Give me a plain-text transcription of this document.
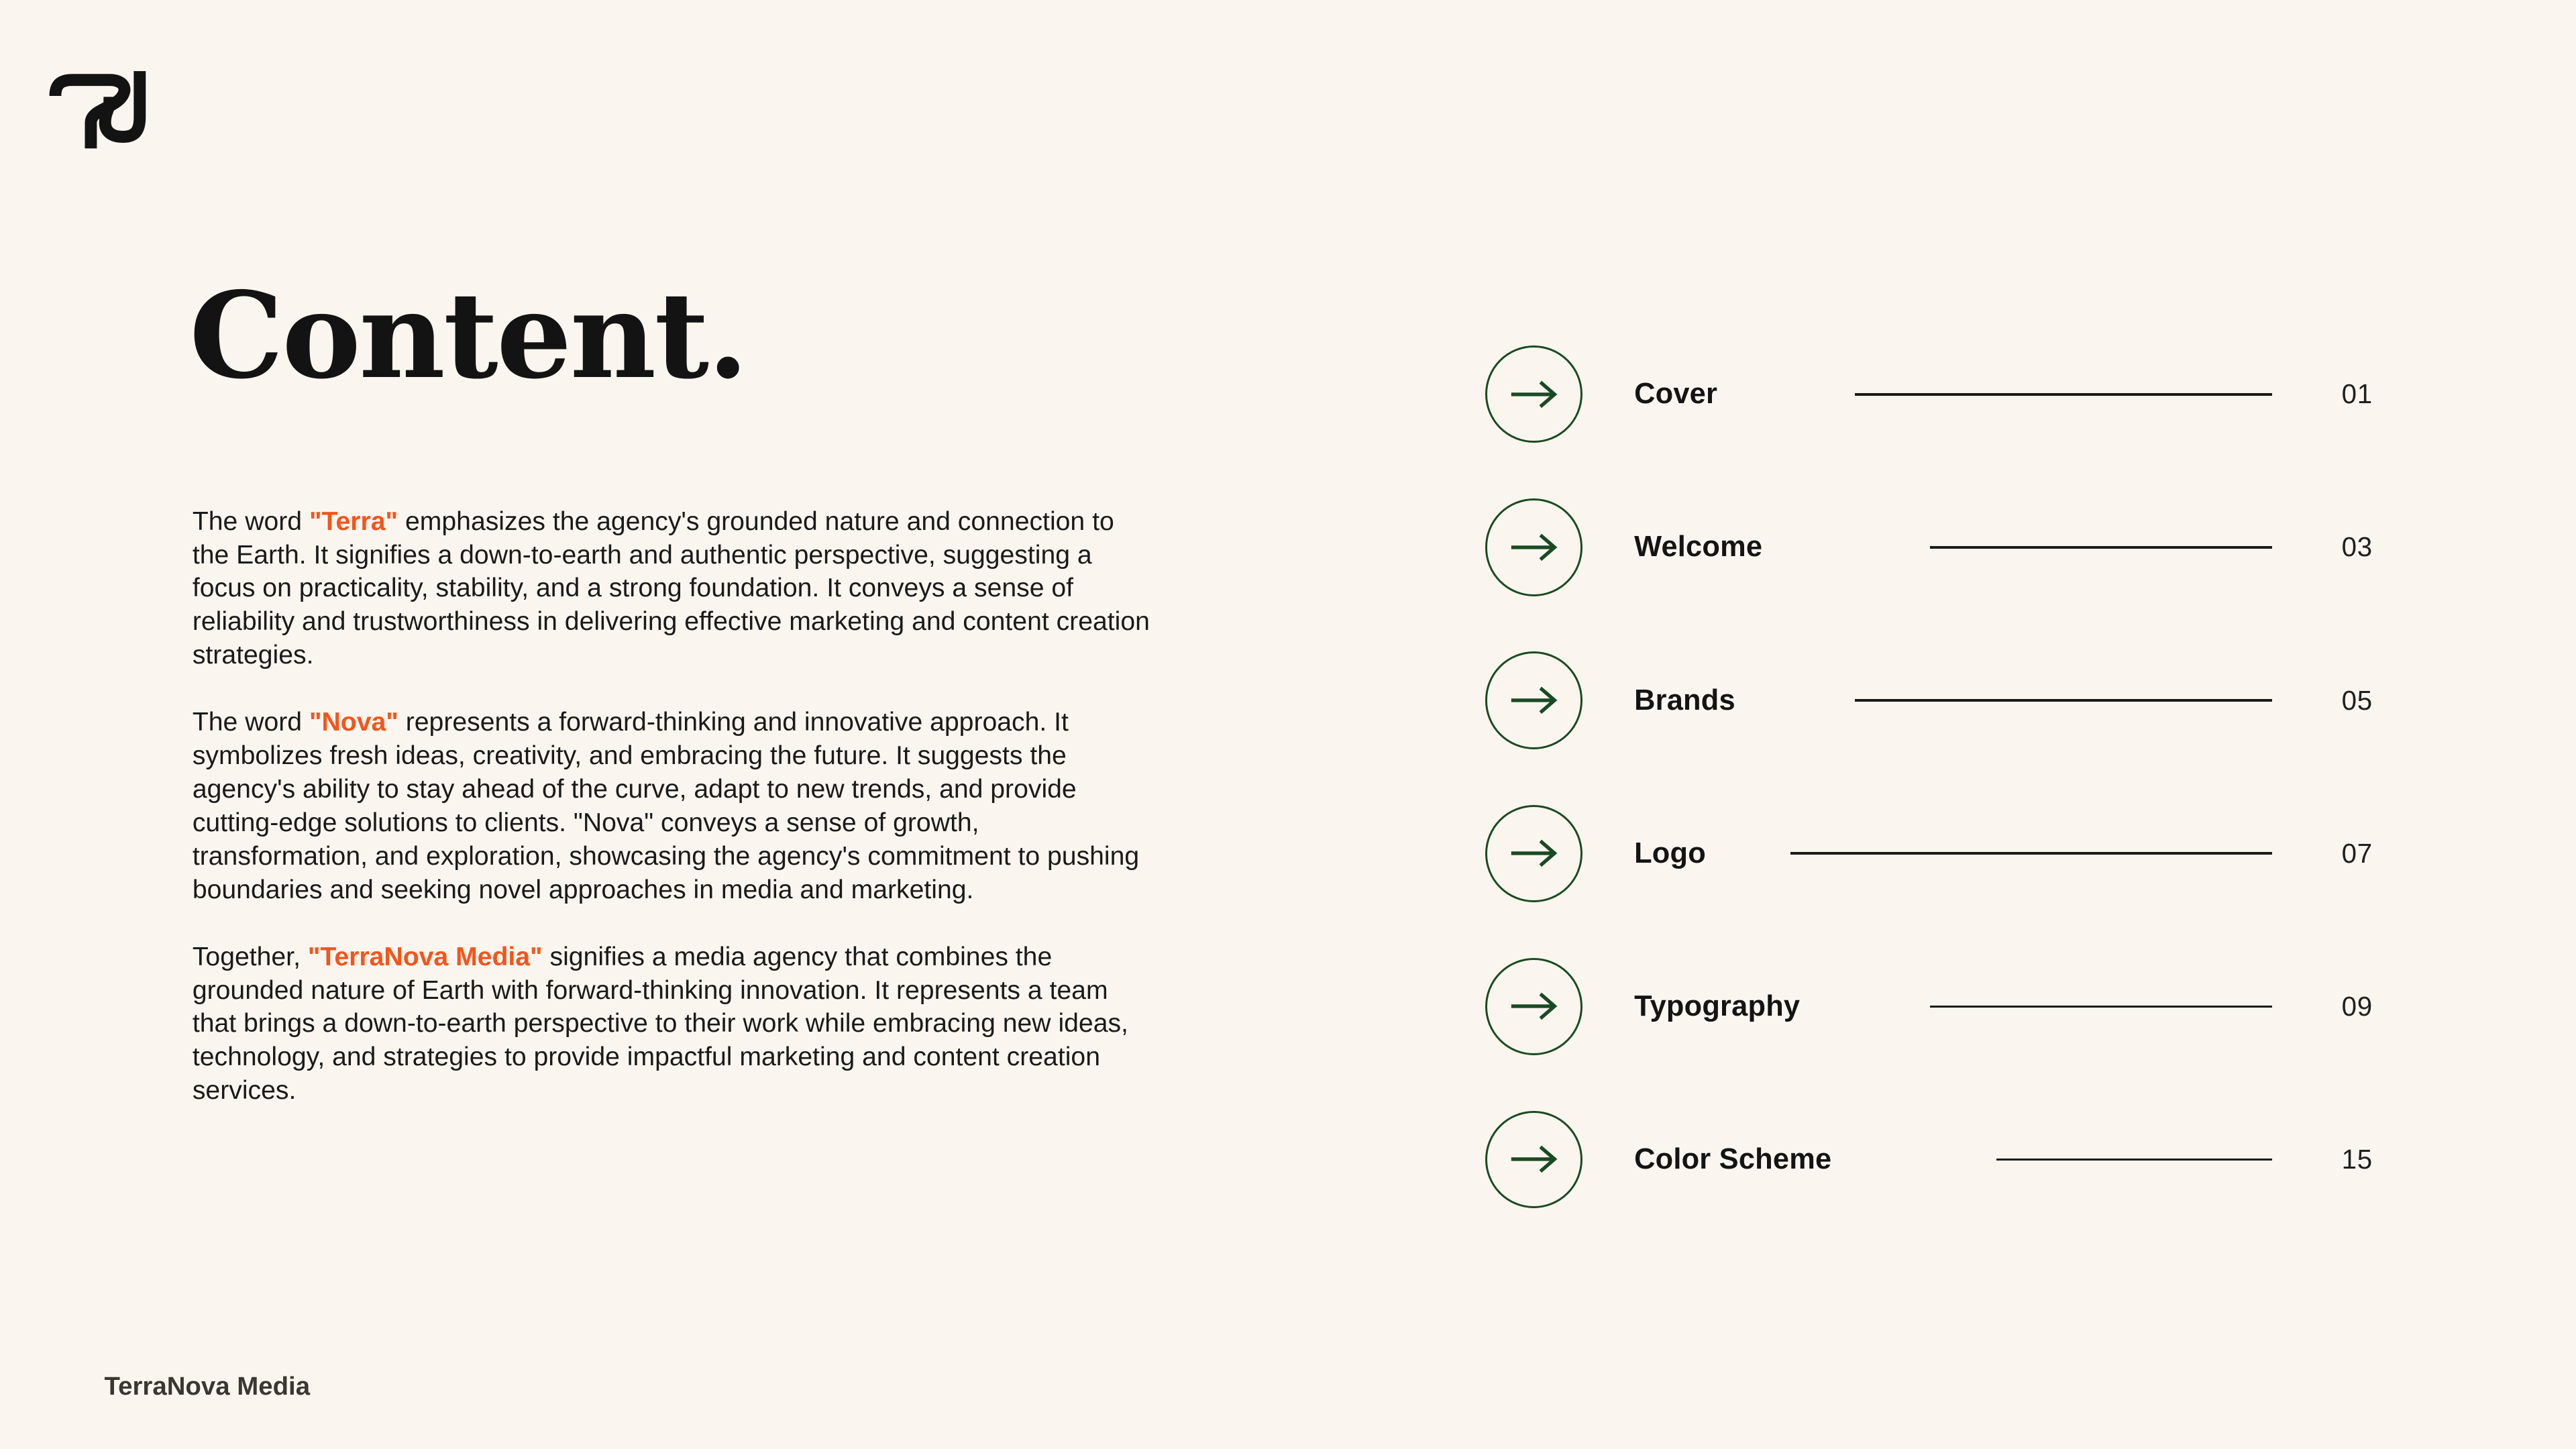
Content.

The word "Terra" emphasizes the agency's grounded nature and connection to the Earth. It signifies a down-to-earth and authentic perspective, suggesting a focus on practicality, stability, and a strong foundation. It conveys a sense of reliability and trustworthiness in delivering effective marketing and content creation strategies.

The word "Nova" represents a forward-thinking and innovative approach. It symbolizes fresh ideas, creativity, and embracing the future. It suggests the agency's ability to stay ahead of the curve, adapt to new trends, and provide cutting-edge solutions to clients. "Nova" conveys a sense of growth, transformation, and exploration, showcasing the agency's commitment to pushing boundaries and seeking novel approaches in media and marketing.

Together, "TerraNova Media" signifies a media agency that combines the grounded nature of Earth with forward-thinking innovation. It represents a team that brings a down-to-earth perspective to their work while embracing new ideas, technology, and strategies to provide impactful marketing and content creation services.

Cover	01
Welcome	03
Brands	05
Logo	07
Typography	09
Color Scheme	15
TerraNova Media
